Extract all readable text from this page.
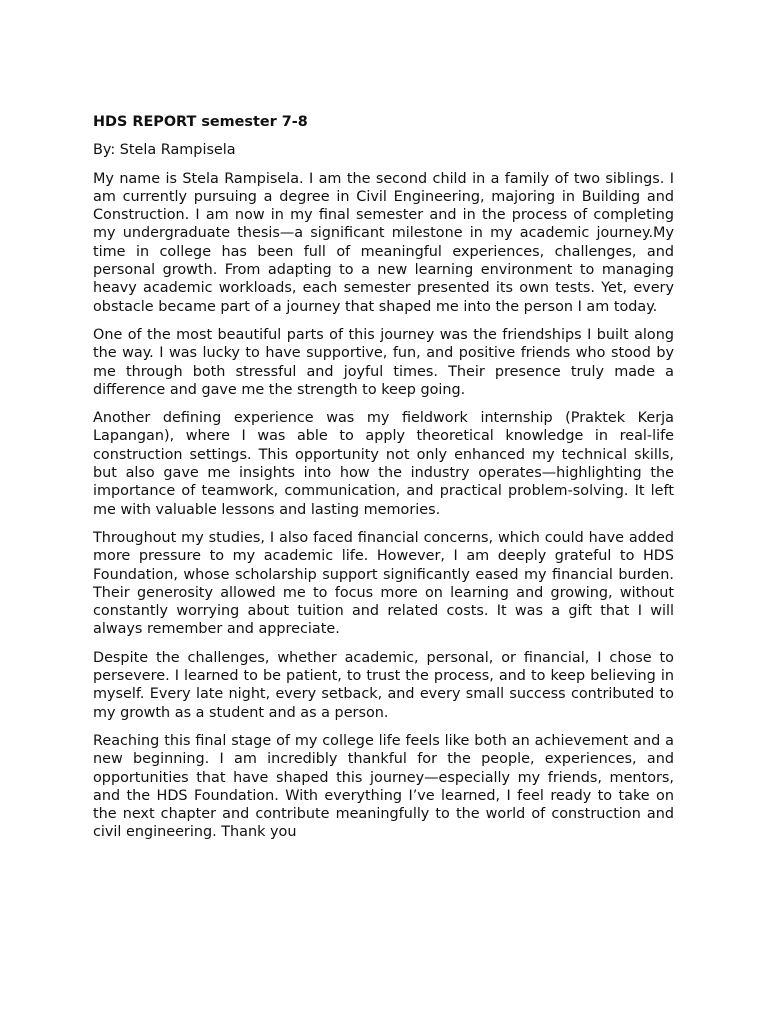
HDS REPORT semester 7-8

By: Stela Rampisela

My name is Stela Rampisela. I am the second child in a family of two siblings. I am currently pursuing a degree in Civil Engineering, majoring in Building and Construction. I am now in my final semester and in the process of completing my undergraduate thesis—a significant milestone in my academic journey.My time in college has been full of meaningful experiences, challenges, and personal growth. From adapting to a new learning environment to managing heavy academic workloads, each semester presented its own tests. Yet, every obstacle became part of a journey that shaped me into the person I am today.

One of the most beautiful parts of this journey was the friendships I built along the way. I was lucky to have supportive, fun, and positive friends who stood by me through both stressful and joyful times. Their presence truly made a difference and gave me the strength to keep going.

Another defining experience was my fieldwork internship (Praktek Kerja Lapangan), where I was able to apply theoretical knowledge in real-life construction settings. This opportunity not only enhanced my technical skills, but also gave me insights into how the industry operates—highlighting the importance of teamwork, communication, and practical problem-solving. It left me with valuable lessons and lasting memories.

Throughout my studies, I also faced financial concerns, which could have added more pressure to my academic life. However, I am deeply grateful to HDS Foundation, whose scholarship support significantly eased my financial burden. Their generosity allowed me to focus more on learning and growing, without constantly worrying about tuition and related costs. It was a gift that I will always remember and appreciate.

Despite the challenges, whether academic, personal, or financial, I chose to persevere. I learned to be patient, to trust the process, and to keep believing in myself. Every late night, every setback, and every small success contributed to my growth as a student and as a person.

Reaching this final stage of my college life feels like both an achievement and a new beginning. I am incredibly thankful for the people, experiences, and opportunities that have shaped this journey—especially my friends, mentors, and the HDS Foundation. With everything I’ve learned, I feel ready to take on the next chapter and contribute meaningfully to the world of construction and civil engineering. Thank you
